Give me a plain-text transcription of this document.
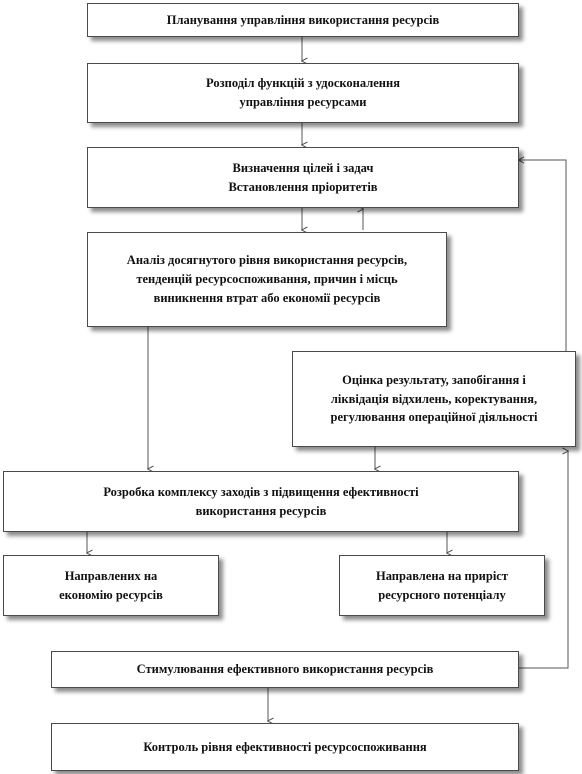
Планування управління використання ресурсів
Розподіл функцій з удосконалення
управління ресурсами
Визначення цілей і задач
Встановлення пріоритетів
Аналіз досягнутого рівня використання ресурсів,
тенденцій ресурсоспоживання, причин і місць
виникнення втрат або економії ресурсів
Оцінка результату, запобігання і
ліквідація відхилень, коректування,
регулювання операційної діяльності
Розробка комплексу заходів з підвищення ефективності
використання ресурсів
Направлених на
економію ресурсів
Направлена на приріст
ресурсного потенціалу
Стимулювання ефективного використання ресурсів
Контроль рівня ефективності ресурсоспоживання
